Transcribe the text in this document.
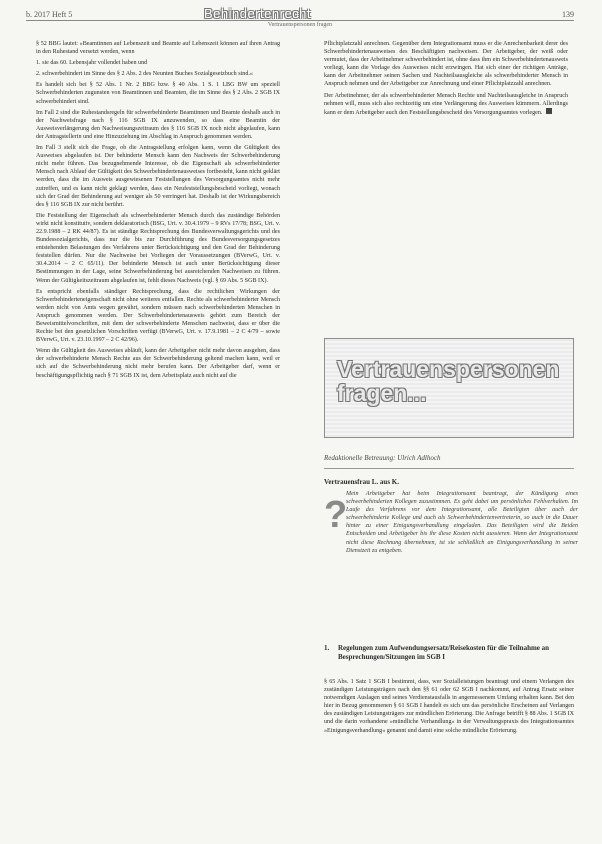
b. 2017 Heft 5	Behindertenrecht	139
Vertrauenspersonen fragen

§ 52 BBG lautet: »Beamtinnen auf Lebenszeit und Beamte auf Lebenszeit können auf ihren Antrag in den Ruhestand versetzt werden, wenn

1. sie das 60. Lebensjahr vollendet haben und

2. schwerbehindert im Sinne des § 2 Abs. 2 des Neunten Buches Sozialgesetzbuch sind.«

Es handelt sich bei § 52 Abs. 1 Nr. 2 BBG bzw. § 40 Abs. 1 S. 1 LBG BW um speziell Schwerbehinderten zugunsten von Beamtinnen und Beamten, die im Sinne des § 2 Abs. 2 SGB IX schwerbehindert sind.

Im Fall 2 sind die Ruhestandsregeln für schwerbehinderte Beamtinnen und Beamte deshalb auch in der Nachweisfrage nach § 116 SGB IX anzuwenden, so dass eine Beamtin der Ausweisverlängerung den Nachweisungszeitraum des § 116 SGB IX noch nicht abgelaufen, kann der Antragstellerin und eine Hinzuziehung im Abschlag in Anspruch genommen werden.

Im Fall 3 stellt sich die Frage, ob die Antragstellung erfolgen kann, wenn die Gültigkeit des Ausweises abgelaufen ist. Der behinderte Mensch kann den Nachweis der Schwerbehinderung nicht mehr führen. Das bezugnehmende Interesse, ob die Eigenschaft als schwerbehinderter Mensch nach Ablauf der Gültigkeit des Schwerbehindertenausweises fortbesteht, kann nicht geklärt werden, dass die im Ausweis ausgewiesenen Feststellungen des Versorgungsamtes nicht mehr zutreffen, und es kann nicht geklagt werden, dass ein Neufeststellungsbescheid vorliegt, wonach sich der Grad der Behinderung auf weniger als 50 verringert hat. Deshalb ist der Wirkungsbereich des § 116 SGB IX zur nicht berührt.

Die Feststellung der Eigenschaft als schwerbehinderter Mensch durch das zuständige Behörden wirkt nicht konstitutiv, sondern deklaratorisch (BSG, Urt. v. 30.4.1979 – 9 RVs 17/78; BSG, Urt. v. 22.9.1988 – 2 RK 44/87). Es ist ständige Rechtsprechung des Bundesverwaltungsgerichts und des Bundessozialgerichts, dass nur die bis zur Durchführung des Bundesversorgungsgesetzes entstehenden Belastungen des Verfahrens unter Berücksichtigung und den Grad der Behinderung feststellen dürfen. Nur die Nachweise bei Vorliegen der Voraussetzungen (BVerwG, Urt. v. 30.4.2014 – 2 C 65/11). Der behinderte Mensch ist auch unter Berücksichtigung dieser Bestimmungen in der Lage, seine Schwerbehinderung bei ausreichenden Nachweisen zu führen. Wenn der Gültigkeitszeitraum abgelaufen ist, fehlt dieses Nachweis (vgl. § 69 Abs. 5 SGB IX).

Es entspricht ebenfalls ständiger Rechtsprechung, dass die rechtlichen Wirkungen der Schwerbehinderteneigenschaft nicht ohne weiteres entfallen. Rechte als schwerbehinderter Mensch werden nicht von Amts wegen gewährt, sondern müssen nach schwerbehinderten Menschen in Anspruch genommen werden. Der Schwerbehindertenausweis gehört zum Bereich der Beweismittelvorschriften, mit dem der schwerbehinderte Menschen nachweist, dass er über die Rechte bei den gesetzlichen Vorschriften verfügt (BVerwG, Urt. v. 17.9.1981 – 2 C 4/79 – sowie BVerwG, Urt. v. 23.10.1997 – 2 C 42/96).

Wenn die Gültigkeit des Ausweises abläuft, kann der Arbeitgeber nicht mehr davon ausgehen, dass der schwerbehinderte Mensch Rechte aus der Schwerbehinderung geltend machen kann, weil er sich auf die Schwerbehinderung nicht mehr berufen kann. Der Arbeitgeber darf, wenn er beschäftigungspflichtig nach § 71 SGB IX ist, dem Arbeitsplatz auch nicht auf die

Pflichtplatzzahl anrechnen. Gegenüber dem Integrationsamt muss er die Anrechenbarkeit derer des Schwerbehindertenausweises des Beschäftigten nachweisen. Der Arbeitgeber, der weiß oder vermutet, dass der Arbeitnehmer schwerbehindert ist, ohne dass ihm ein Schwerbehindertenausweis vorliegt, kann die Vorlage des Ausweises nicht erzwingen. Hat sich einer der richtigen Anträge, kann der Arbeitnehmer seinen Sachen und Nachteilsausgleiche als schwerbehinderter Mensch in Anspruch nehmen und der Arbeitgeber zur Anrechnung und einer Pflichtplatzzahl anrechnen.

Der Arbeitnehmer, der als schwerbehinderter Mensch Rechte und Nachteilsausgleiche in Anspruch nehmen will, muss sich also rechtzeitig um eine Verlängerung des Ausweises kümmern. Allerdings kann er dem Arbeitgeber auch den Feststellungsbescheid des Versorgungsamtes vorlegen.

Vertrauenspersonen
fragen...
Redaktionelle Betreuung: Ulrich Adlhoch
Vertrauensfrau L. aus K.
?
Mein Arbeitgeber hat beim Integrationsamt beantragt, der Kündigung eines schwerbehinderten Kollegen zuzustimmen. Es geht dabei um persönliches Fehlverhalten. Im Laufe des Verfahrens vor dem Integrationsamt, alle Beteiligten über auch der schwerbehinderte Kollege und auch als Schwerbehindertenvertreterin, so auch in die Dauer hinter zu einer Einigungsverhandlung eingeladen. Das Beteiligten wird die Beiden Entscheiden und Arbeitgeber bis ihr diese Kosten nicht aussieren. Wann der Integrationsamt nicht diese Rechnung übernehmen, ist sie schließlich an Einigungsverhandlung in seiner Dienstzeit zu entgeben.
1. Regelungen zum Aufwendungsersatz/Reisekosten für die Teilnahme an Besprechungen/Sitzungen im SGB I
§ 65 Abs. 1 Satz 1 SGB I bestimmt, dass, wer Sozialleistungen beantragt und einem Verlangen des zuständigen Leistungsträgers nach den §§ 61 oder 62 SGB I nachkommt, auf Antrag Ersatz seiner notwendigen Auslagen und seines Verdienstausfalls in angemessenem Umfang erhalten kann. Bei den hier in Bezug genommenen § 61 SGB I handelt es sich um das persönliche Erscheinen auf Verlangen des zuständigen Leistungsträgers zur mündlichen Erörterung. Die Anfrage betrifft § 88 Abs. 1 SGB IX und die darin vorhandene »mündliche Verhandlung« in der Verwaltungspraxis des Integrationsamtes »Einigungsverhandlung« genannt und damit eine solche mündliche Erörterung.
